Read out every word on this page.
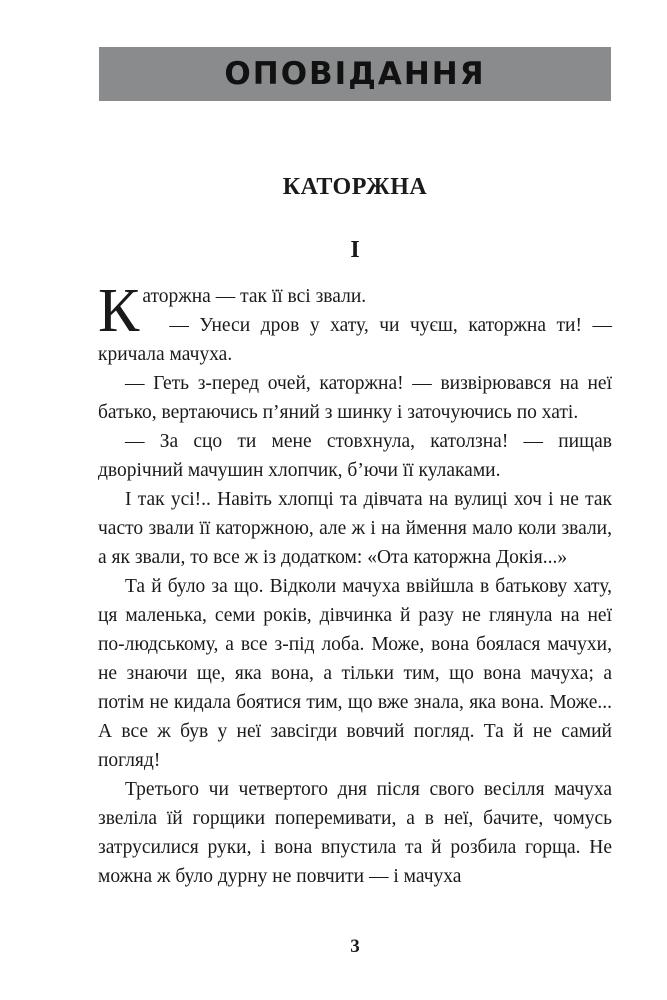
ОПОВІДАННЯ
КАТОРЖНА
І

Каторжна — так її всі звали.

— Унеси дров у хату, чи чуєш, каторжна ти! — кричала мачуха.

— Геть з-перед очей, каторжна! — визвірювався на неї батько, вертаючись п’яний з шинку і заточуючись по хаті.

— За сцо ти мене стовхнула, католзна! — пищав дворічний мачушин хлопчик, б’ючи її кулаками.

І так усі!.. Навіть хлопці та дівчата на вулиці хоч і не так часто звали її каторжною, але ж і на ймення мало коли звали, а як звали, то все ж із додатком: «Ота каторжна Докія...»

Та й було за що. Відколи мачуха ввійшла в батькову хату, ця маленька, семи років, дівчинка й разу не глянула на неї по-людському, а все з-під лоба. Може, вона боялася мачухи, не знаючи ще, яка вона, а тільки тим, що вона мачуха; а потім не кидала боятися тим, що вже знала, яка вона. Може... А все ж був у неї завсігди вовчий погляд. Та й не самий погляд!

Третього чи четвертого дня після свого весілля мачуха звеліла їй горщики поперемивати, а в неї, бачите, чомусь затрусилися руки, і вона впустила та й розбила горща. Не можна ж було дурну не повчити — і мачуха

3
